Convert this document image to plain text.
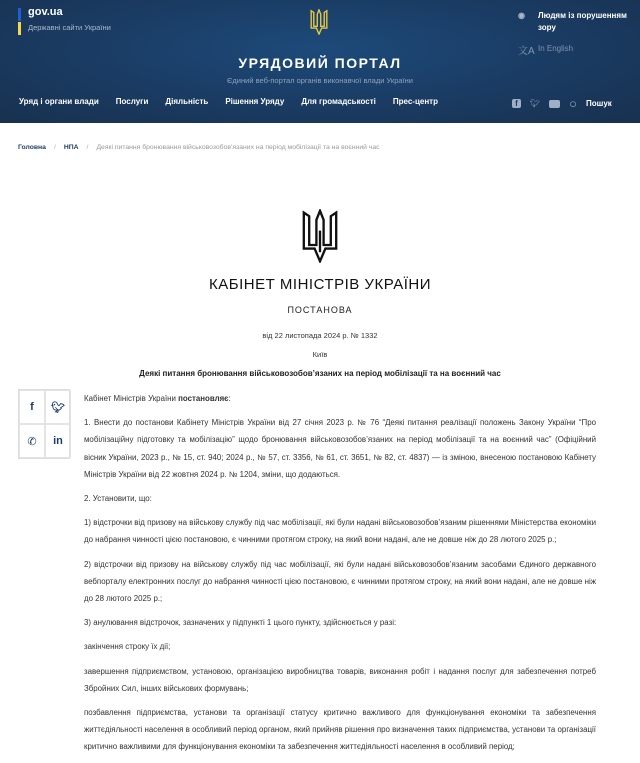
gov.ua
Державні сайти України
◉ Людям із порушенням зору
文A In English
УРЯДОВИЙ ПОРТАЛ
Єдиний веб-портал органів виконавчої влади України
Уряд і органи влади Послуги Діяльність Рішення Уряду Для громадськості Прес-центр	f	🐦︎ ○ Пошук
Головна / НПА / Деякі питання бронювання військовозобов’язаних на період мобілізації та на воєнний час
КАБІНЕТ МІНІСТРІВ УКРАЇНИ
ПОСТАНОВА
від 22 листопада 2024 р. № 1332
Київ
Деякі питання бронювання військовозобов’язаних на період мобілізації та на воєнний час
f	🐦︎
✆	in

Кабінет Міністрів України постановляє:

1. Внести до постанови Кабінету Міністрів України від 27 січня 2023 р. № 76 “Деякі питання реалізації положень Закону України “Про мобілізаційну підготовку та мобілізацію” щодо бронювання військовозобов’язаних на період мобілізації та на воєнний час” (Офіційний вісник України, 2023 р., № 15, ст. 940; 2024 р., № 57, ст. 3356, № 61, ст. 3651, № 82, ст. 4837) — із зміною, внесеною постановою Кабінету Міністрів України від 22 жовтня 2024 р. № 1204, зміни, що додаються.

2. Установити, що:

1) відстрочки від призову на військову службу під час мобілізації, які були надані військовозобов’язаним рішеннями Міністерства економіки до набрання чинності цією постановою, є чинними протягом строку, на який вони надані, але не довше ніж до 28 лютого 2025 р.;

2) відстрочки від призову на військову службу під час мобілізації, які були надані військовозобов’язаним засобами Єдиного державного вебпорталу електронних послуг до набрання чинності цією постановою, є чинними протягом строку, на який вони надані, але не довше ніж до 28 лютого 2025 р.;

3) анулювання відстрочок, зазначених у підпункті 1 цього пункту, здійснюється у разі:

закінчення строку їх дії;

завершення підприємством, установою, організацією виробництва товарів, виконання робіт і надання послуг для забезпечення потреб Збройних Сил, інших військових формувань;

позбавлення підприємства, установи та організації статусу критично важливого для функціонування економіки та забезпечення життєдіяльності населення в особливий період органом, який прийняв рішення про визначення таких підприємства, установи та організації критично важливими для функціонування економіки та забезпечення життєдіяльності населення в особливий період;
